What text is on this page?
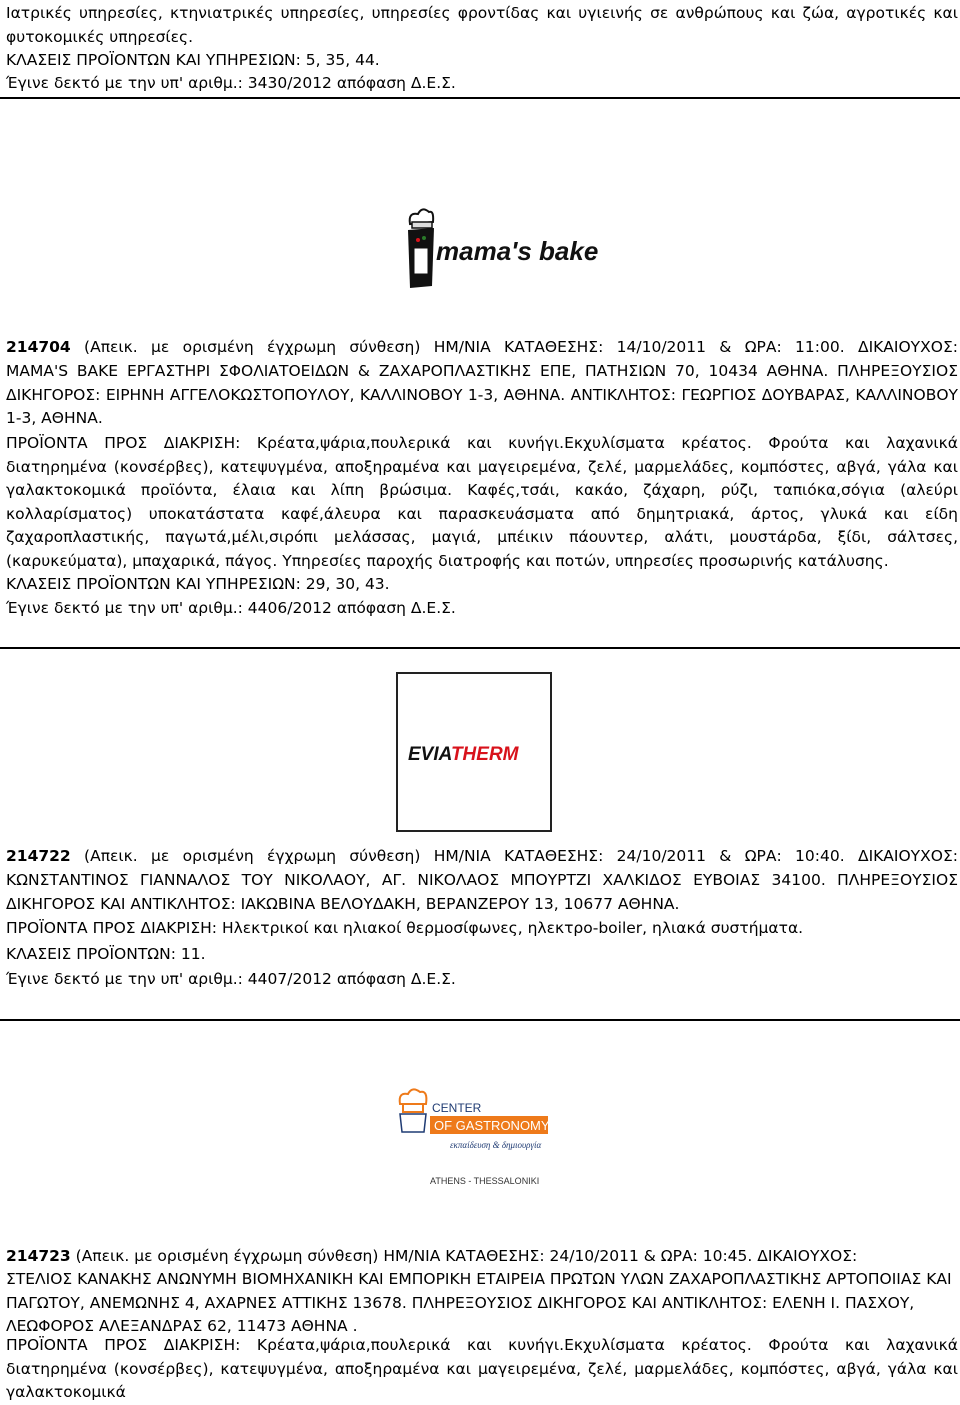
Ιατρικές υπηρεσίες, κτηνιατρικές υπηρεσίες, υπηρεσίες φροντίδας και υγιεινής σε ανθρώπους και ζώα, αγροτικές και φυτοκομικές υπηρεσίες.

ΚΛΑΣΕΙΣ ΠΡΟΪΟΝΤΩΝ ΚΑΙ ΥΠΗΡΕΣΙΩΝ: 5, 35, 44.

Έγινε δεκτό με την υπ' αριθμ.: 3430/2012 απόφαση Δ.Ε.Σ.

mama's bake

214704 (Απεικ. με ορισμένη έγχρωμη σύνθεση) ΗΜ/ΝΙΑ ΚΑΤΑΘΕΣΗΣ: 14/10/2011 & ΩΡΑ: 11:00. ΔΙΚΑΙΟΥΧΟΣ:

MAMA'S BAKE ΕΡΓΑΣΤΗΡΙ ΣΦΟΛΙΑΤΟΕΙΔΩΝ & ΖΑΧΑΡΟΠΛΑΣΤΙΚΗΣ ΕΠΕ, ΠΑΤΗΣΙΩΝ 70, 10434 ΑΘΗΝΑ. ΠΛΗΡΕΞΟΥΣΙΟΣ ΔΙΚΗΓΟΡΟΣ: ΕΙΡΗΝΗ ΑΓΓΕΛΟΚΩΣΤΟΠΟΥΛΟΥ, ΚΑΛΛΙΝΟΒΟΥ 1-3, ΑΘΗΝΑ. ΑΝΤΙΚΛΗΤΟΣ: ΓΕΩΡΓΙΟΣ ΔΟΥΒΑΡΑΣ, ΚΑΛΛΙΝΟΒΟΥ 1-3, ΑΘΗΝΑ.

ΠΡΟΪΟΝΤΑ ΠΡΟΣ ΔΙΑΚΡΙΣΗ: Κρέατα,ψάρια,πουλερικά και κυνήγι.Εκχυλίσματα κρέατος. Φρούτα και λαχανικά διατηρημένα (κονσέρβες), κατεψυγμένα, αποξηραμένα και μαγειρεμένα, ζελέ, μαρμελάδες, κομπόστες, αβγά, γάλα και γαλακτοκομικά προϊόντα, έλαια και λίπη βρώσιμα. Καφές,τσάι, κακάο, ζάχαρη, ρύζι, ταπιόκα,σόγια (αλεύρι κολλαρίσματος) υποκατάστατα καφέ,άλευρα και παρασκευάσματα από δημητριακά, άρτος, γλυκά και είδη ζαχαροπλαστικής, παγωτά,μέλι,σιρόπι μελάσσας, μαγιά, μπέικιν πάουντερ, αλάτι, μουστάρδα, ξίδι, σάλτσες, (καρυκεύματα), μπαχαρικά, πάγος. Υπηρεσίες παροχής διατροφής και ποτών, υπηρεσίες προσωρινής κατάλυσης.

ΚΛΑΣΕΙΣ ΠΡΟΪΟΝΤΩΝ ΚΑΙ ΥΠΗΡΕΣΙΩΝ: 29, 30, 43.

Έγινε δεκτό με την υπ' αριθμ.: 4406/2012 απόφαση Δ.Ε.Σ.

EVIATHERM

214722 (Απεικ. με ορισμένη έγχρωμη σύνθεση) ΗΜ/ΝΙΑ ΚΑΤΑΘΕΣΗΣ: 24/10/2011 & ΩΡΑ: 10:40. ΔΙΚΑΙΟΥΧΟΣ:

ΚΩΝΣΤΑΝΤΙΝΟΣ ΓΙΑΝΝΑΛΟΣ ΤΟΥ ΝΙΚΟΛΑΟΥ, ΑΓ. ΝΙΚΟΛΑΟΣ ΜΠΟΥΡΤΖΙ ΧΑΛΚΙΔΟΣ ΕΥΒΟΙΑΣ 34100. ΠΛΗΡΕΞΟΥΣΙΟΣ ΔΙΚΗΓΟΡΟΣ ΚΑΙ ΑΝΤΙΚΛΗΤΟΣ: ΙΑΚΩΒΙΝΑ ΒΕΛΟΥΔΑΚΗ, ΒΕΡΑΝΖΕΡΟΥ 13, 10677 ΑΘΗΝΑ.

ΠΡΟΪΟΝΤΑ ΠΡΟΣ ΔΙΑΚΡΙΣΗ: Ηλεκτρικοί και ηλιακοί θερμοσίφωνες, ηλεκτρο-boiler, ηλιακά συστήματα.

ΚΛΑΣΕΙΣ ΠΡΟΪΟΝΤΩΝ: 11.

Έγινε δεκτό με την υπ' αριθμ.: 4407/2012 απόφαση Δ.Ε.Σ.

CENTER
OF GASTRONOMY
εκπαίδευση & δημιουργία
ATHENS - THESSALONIKI

214723 (Απεικ. με ορισμένη έγχρωμη σύνθεση) ΗΜ/ΝΙΑ ΚΑΤΑΘΕΣΗΣ: 24/10/2011 & ΩΡΑ: 10:45. ΔΙΚΑΙΟΥΧΟΣ:

ΣΤΕΛΙΟΣ ΚΑΝΑΚΗΣ ΑΝΩΝΥΜΗ ΒΙΟΜΗΧΑΝΙΚΗ ΚΑΙ ΕΜΠΟΡΙΚΗ ΕΤΑΙΡΕΙΑ ΠΡΩΤΩΝ ΥΛΩΝ ΖΑΧΑΡΟΠΛΑΣΤΙΚΗΣ ΑΡΤΟΠΟΙΙΑΣ ΚΑΙ ΠΑΓΩΤΟΥ, ΑΝΕΜΩΝΗΣ 4, ΑΧΑΡΝΕΣ ΑΤΤΙΚΗΣ 13678. ΠΛΗΡΕΞΟΥΣΙΟΣ ΔΙΚΗΓΟΡΟΣ ΚΑΙ ΑΝΤΙΚΛΗΤΟΣ: ΕΛΕΝΗ Ι. ΠΑΣΧΟΥ, ΛΕΩΦΟΡΟΣ ΑΛΕΞΑΝΔΡΑΣ 62, 11473 ΑΘΗΝΑ .

ΠΡΟΪΟΝΤΑ ΠΡΟΣ ΔΙΑΚΡΙΣΗ: Κρέατα,ψάρια,πουλερικά και κυνήγι.Εκχυλίσματα κρέατος. Φρούτα και λαχανικά διατηρημένα (κονσέρβες), κατεψυγμένα, αποξηραμένα και μαγειρεμένα, ζελέ, μαρμελάδες, κομπόστες, αβγά, γάλα και γαλακτοκομικά
